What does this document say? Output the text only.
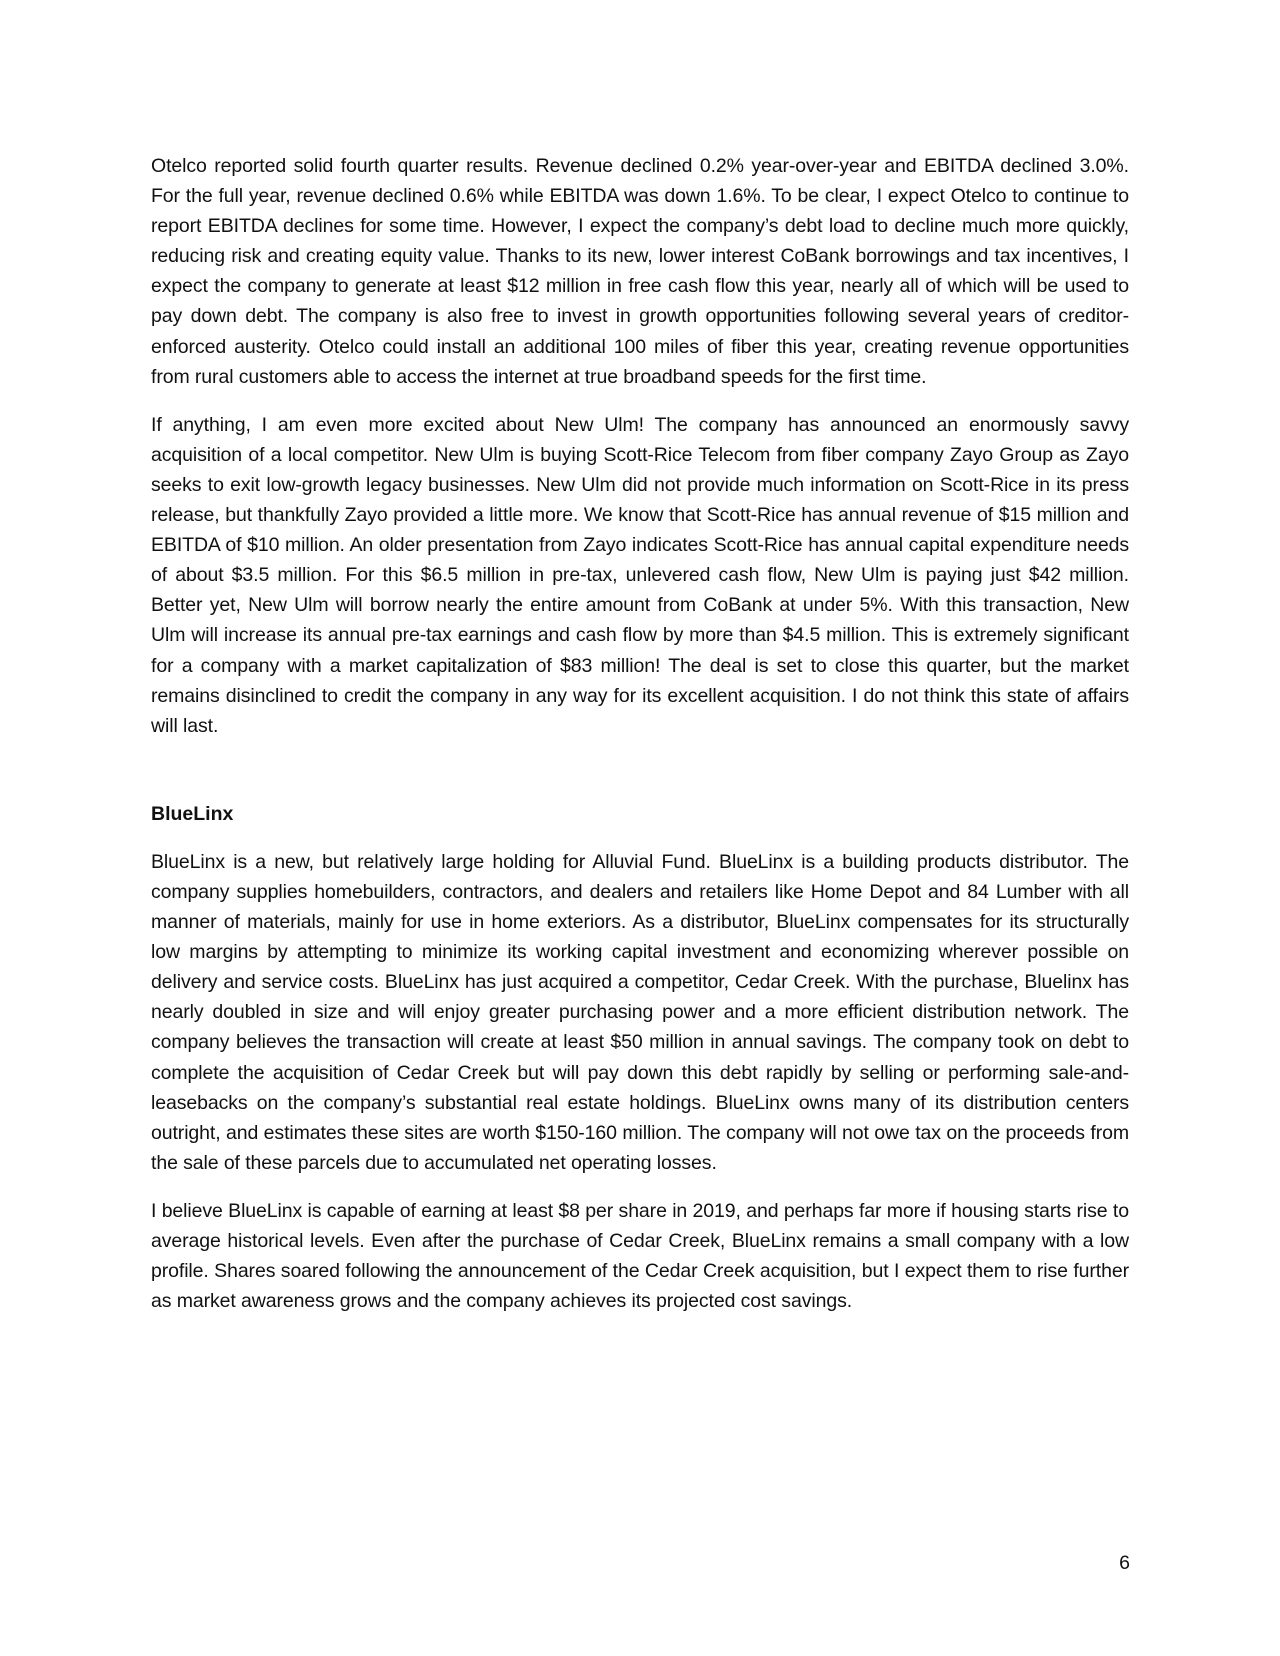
Otelco reported solid fourth quarter results. Revenue declined 0.2% year-over-year and EBITDA declined 3.0%. For the full year, revenue declined 0.6% while EBITDA was down 1.6%. To be clear, I expect Otelco to continue to report EBITDA declines for some time. However, I expect the company’s debt load to decline much more quickly, reducing risk and creating equity value. Thanks to its new, lower interest CoBank borrowings and tax incentives, I expect the company to generate at least $12 million in free cash flow this year, nearly all of which will be used to pay down debt. The company is also free to invest in growth opportunities following several years of creditor-enforced austerity. Otelco could install an additional 100 miles of fiber this year, creating revenue opportunities from rural customers able to access the internet at true broadband speeds for the first time.

If anything, I am even more excited about New Ulm! The company has announced an enormously savvy acquisition of a local competitor. New Ulm is buying Scott-Rice Telecom from fiber company Zayo Group as Zayo seeks to exit low-growth legacy businesses. New Ulm did not provide much information on Scott-Rice in its press release, but thankfully Zayo provided a little more. We know that Scott-Rice has annual revenue of $15 million and EBITDA of $10 million. An older presentation from Zayo indicates Scott-Rice has annual capital expenditure needs of about $3.5 million. For this $6.5 million in pre-tax, unlevered cash flow, New Ulm is paying just $42 million. Better yet, New Ulm will borrow nearly the entire amount from CoBank at under 5%. With this transaction, New Ulm will increase its annual pre-tax earnings and cash flow by more than $4.5 million. This is extremely significant for a company with a market capitalization of $83 million! The deal is set to close this quarter, but the market remains disinclined to credit the company in any way for its excellent acquisition. I do not think this state of affairs will last.

BlueLinx

BlueLinx is a new, but relatively large holding for Alluvial Fund. BlueLinx is a building products distributor. The company supplies homebuilders, contractors, and dealers and retailers like Home Depot and 84 Lumber with all manner of materials, mainly for use in home exteriors. As a distributor, BlueLinx compensates for its structurally low margins by attempting to minimize its working capital investment and economizing wherever possible on delivery and service costs. BlueLinx has just acquired a competitor, Cedar Creek. With the purchase, Bluelinx has nearly doubled in size and will enjoy greater purchasing power and a more efficient distribution network. The company believes the transaction will create at least $50 million in annual savings. The company took on debt to complete the acquisition of Cedar Creek but will pay down this debt rapidly by selling or performing sale-and-leasebacks on the company’s substantial real estate holdings. BlueLinx owns many of its distribution centers outright, and estimates these sites are worth $150-160 million. The company will not owe tax on the proceeds from the sale of these parcels due to accumulated net operating losses.

I believe BlueLinx is capable of earning at least $8 per share in 2019, and perhaps far more if housing starts rise to average historical levels. Even after the purchase of Cedar Creek, BlueLinx remains a small company with a low profile. Shares soared following the announcement of the Cedar Creek acquisition, but I expect them to rise further as market awareness grows and the company achieves its projected cost savings.

6
